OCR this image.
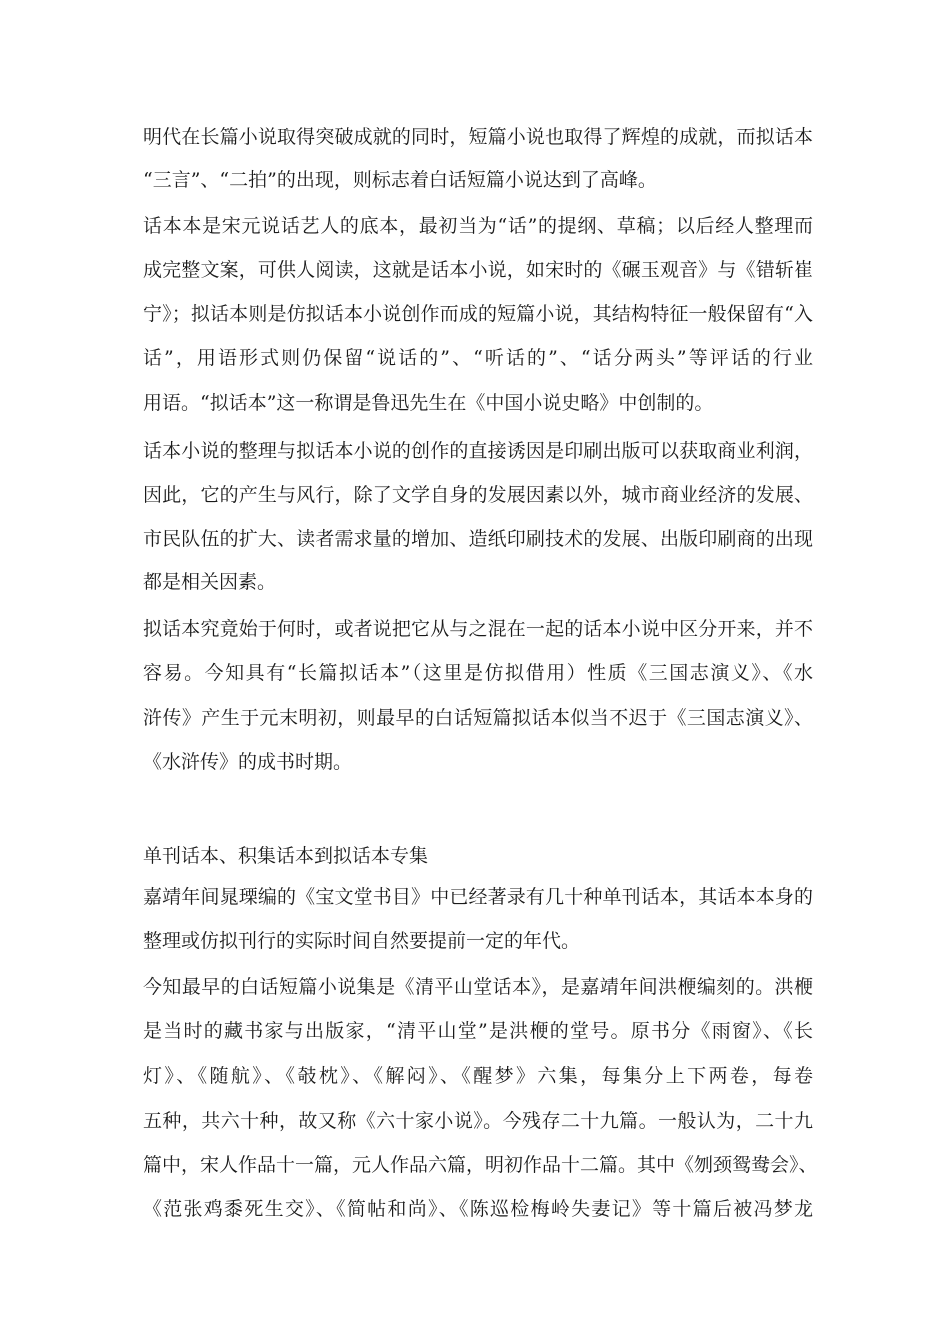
明代在长篇小说取得突破成就的同时，短篇小说也取得了辉煌的成就，而拟话本
“三言”、“二拍”的出现，则标志着白话短篇小说达到了高峰。
话本本是宋元说话艺人的底本，最初当为“话”的提纲、草稿；以后经人整理而
成完整文案，可供人阅读，这就是话本小说，如宋时的《碾玉观音》与《错斩崔
宁》；拟话本则是仿拟话本小说创作而成的短篇小说，其结构特征一般保留有“入
话”，用语形式则仍保留“说话的”、“听话的”、“话分两头”等评话的行业
用语。“拟话本”这一称谓是鲁迅先生在《中国小说史略》中创制的。
话本小说的整理与拟话本小说的创作的直接诱因是印刷出版可以获取商业利润，
因此，它的产生与风行，除了文学自身的发展因素以外，城市商业经济的发展、
市民队伍的扩大、读者需求量的增加、造纸印刷技术的发展、出版印刷商的出现
都是相关因素。
拟话本究竟始于何时，或者说把它从与之混在一起的话本小说中区分开来，并不
容易。今知具有“长篇拟话本”（这里是仿拟借用）性质《三国志演义》、《水
浒传》产生于元末明初，则最早的白话短篇拟话本似当不迟于《三国志演义》、
《水浒传》的成书时期。
单刊话本、积集话本到拟话本专集
嘉靖年间晁瑮编的《宝文堂书目》中已经著录有几十种单刊话本，其话本本身的
整理或仿拟刊行的实际时间自然要提前一定的年代。
今知最早的白话短篇小说集是《清平山堂话本》，是嘉靖年间洪楩编刻的。洪楩
是当时的藏书家与出版家，“清平山堂”是洪楩的堂号。原书分《雨窗》、《长
灯》、《随航》、《攲枕》、《解闷》、《醒梦》六集，每集分上下两卷，每卷
五种，共六十种，故又称《六十家小说》。今残存二十九篇。一般认为，二十九
篇中，宋人作品十一篇，元人作品六篇，明初作品十二篇。其中《刎颈鸳鸯会》、
《范张鸡黍死生交》、《简帖和尚》、《陈巡检梅岭失妻记》等十篇后被冯梦龙
